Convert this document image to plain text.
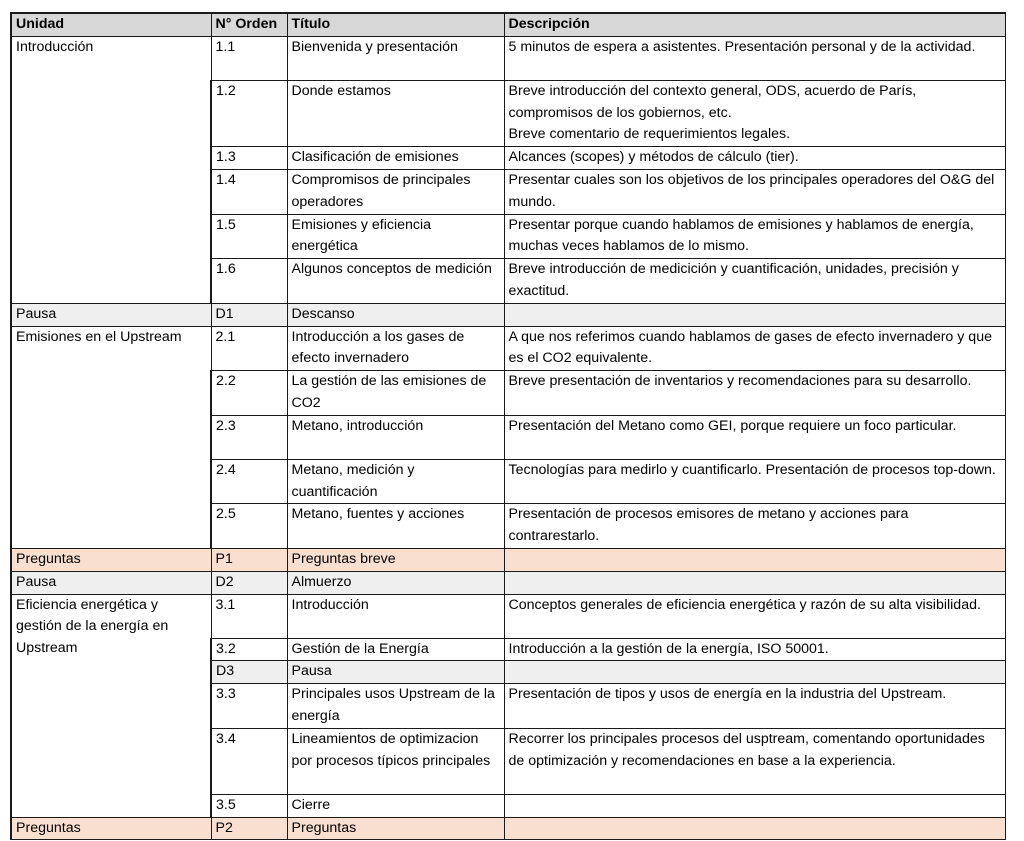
Unidad	N° Orden	Título	Descripción
Introducción	1.1	Bienvenida y presentación	5 minutos de espera a asistentes. Presentación personal y de la actividad.

	1.2	Donde estamos	Breve introducción del contexto general, ODS, acuerdo de París, compromisos de los gobiernos, etc.
Breve comentario de requerimientos legales.

	1.3	Clasificación de emisiones	Alcances (scopes) y métodos de cálculo (tier).

	1.4	Compromisos de principales operadores	Presentar cuales son los objetivos de los principales operadores del O&G del mundo.

	1.5	Emisiones y eficiencia energética	Presentar porque cuando hablamos de emisiones y hablamos de energía, muchas veces hablamos de lo mismo.

	1.6	Algunos conceptos de medición	Breve introducción de medicición y cuantificación, unidades, precisión y exactitud.

Pausa	D1	Descanso	
Emisiones en el Upstream	2.1	Introducción a los gases de efecto invernadero	A que nos referimos cuando hablamos de gases de efecto invernadero y que es el CO2 equivalente.

	2.2	La gestión de las emisiones de CO2	Breve presentación de inventarios y recomendaciones para su desarrollo.

	2.3	Metano, introducción	Presentación del Metano como GEI, porque requiere un foco particular.

	2.4	Metano, medición y cuantificación	Tecnologías para medirlo y cuantificarlo. Presentación de procesos top-down.

	2.5	Metano, fuentes y acciones	Presentación de procesos emisores de metano y acciones para contrarestarlo.

Preguntas	P1	Preguntas breve	
Pausa	D2	Almuerzo	
Eficiencia energética y gestión de la energía en Upstream	3.1	Introducción	Conceptos generales de eficiencia energética y razón de su alta visibilidad.

	3.2	Gestión de la Energía	Introducción a la gestión de la energía, ISO 50001.

	D3	Pausa	
	3.3	Principales usos Upstream de la energía	Presentación de tipos y usos de energía en la industria del Upstream.

	3.4	Lineamientos de optimizacion por procesos típicos principales	Recorrer los principales procesos del usptream, comentando oportunidades de optimización y recomendaciones en base a la experiencia.

	3.5	Cierre	
Preguntas	P2	Preguntas	
